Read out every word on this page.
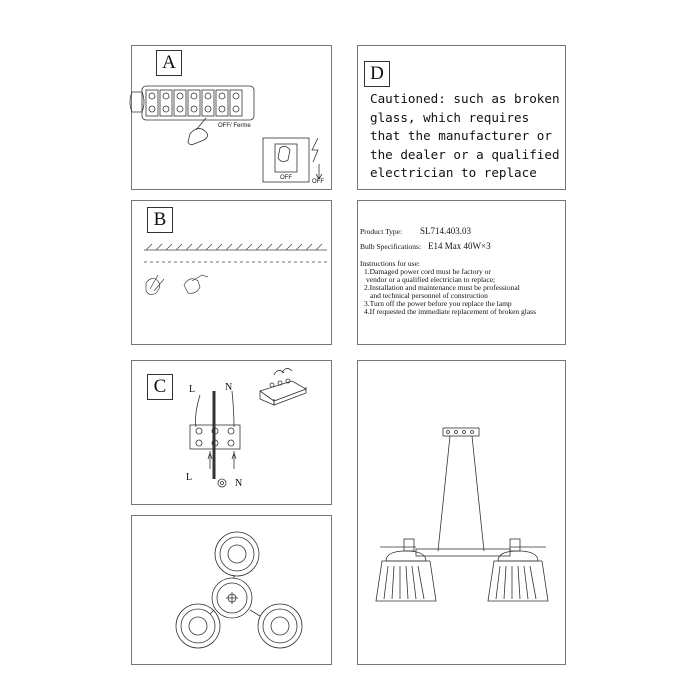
A
OFF/ Ferme
OFF
OFF
D
Cautioned: such as broken
glass, which requires
that the manufacturer or
the dealer or a qualified
electrician to replace
B
Product Type: SL714.403.03
Bulb Specifications: E14 Max 40W×3
Instructions for use:
1.Damaged power cord must be factory or
vendor or a qualified electrician to replace;
2.Installation and maintenance must be professional
and technical personnel of construction
3.Turn off the power before you replace the lamp
4.If requested the immediate replacement of broken glass
C	L	N
L
N
